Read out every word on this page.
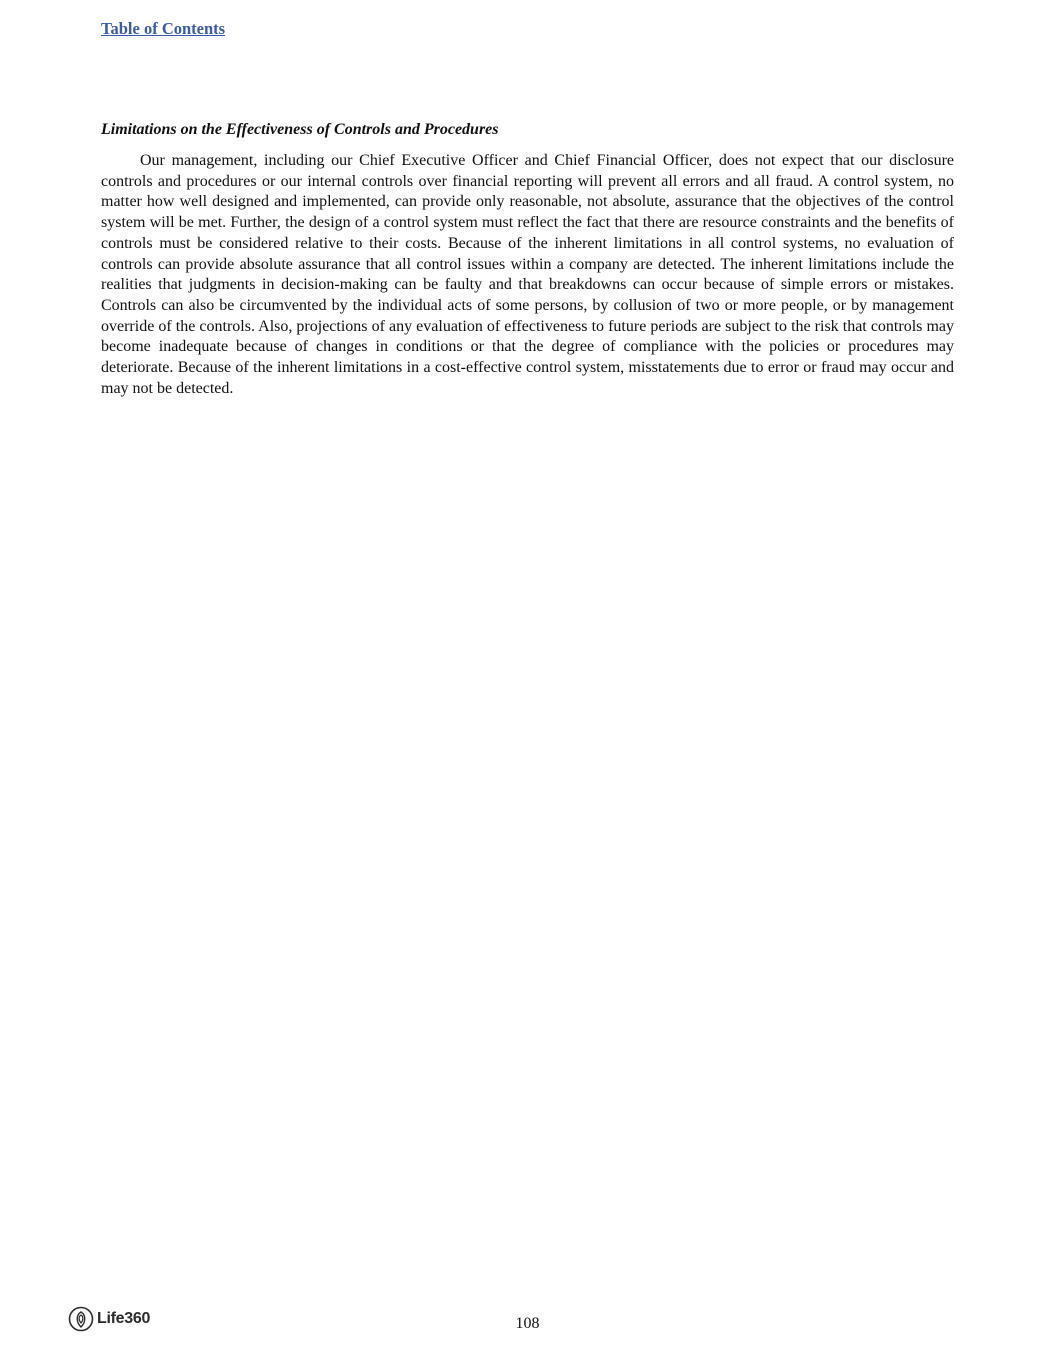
Table of Contents
Limitations on the Effectiveness of Controls and Procedures

Our management, including our Chief Executive Officer and Chief Financial Officer, does not expect that our disclosure controls and procedures or our internal controls over financial reporting will prevent all errors and all fraud. A control system, no matter how well designed and implemented, can provide only reasonable, not absolute, assurance that the objectives of the control system will be met. Further, the design of a control system must reflect the fact that there are resource constraints and the benefits of controls must be considered relative to their costs. Because of the inherent limitations in all control systems, no evaluation of controls can provide absolute assurance that all control issues within a company are detected. The inherent limitations include the realities that judgments in decision-making can be faulty and that breakdowns can occur because of simple errors or mistakes. Controls can also be circumvented by the individual acts of some persons, by collusion of two or more people, or by management override of the controls. Also, projections of any evaluation of effectiveness to future periods are subject to the risk that controls may become inadequate because of changes in conditions or that the degree of compliance with the policies or procedures may deteriorate. Because of the inherent limitations in a cost-effective control system, misstatements due to error or fraud may occur and may not be detected.

Life360	108
